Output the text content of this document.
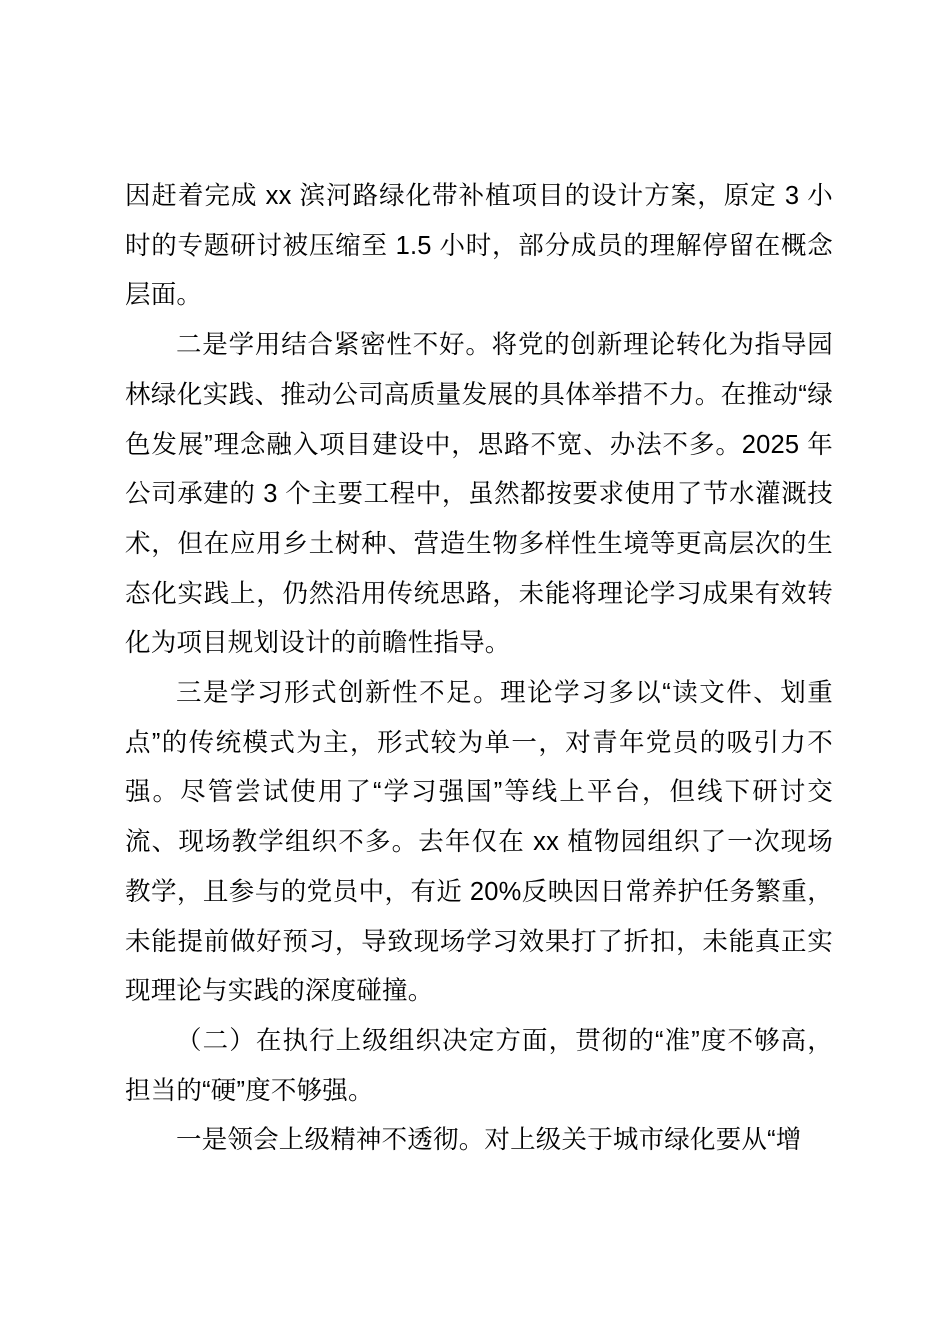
因赶着完成 xx 滨河路绿化带补植项目的设计方案，原定 3 小时的专题研讨被压缩至 1.5 小时，部分成员的理解停留在概念层面。

二是学用结合紧密性不好。将党的创新理论转化为指导园林绿化实践、推动公司高质量发展的具体举措不力。在推动“绿色发展”理念融入项目建设中，思路不宽、办法不多。2025 年公司承建的 3 个主要工程中，虽然都按要求使用了节水灌溉技术，但在应用乡土树种、营造生物多样性生境等更高层次的生态化实践上，仍然沿用传统思路，未能将理论学习成果有效转化为项目规划设计的前瞻性指导。

三是学习形式创新性不足。理论学习多以“读文件、划重点”的传统模式为主，形式较为单一，对青年党员的吸引力不强。尽管尝试使用了“学习强国”等线上平台，但线下研讨交流、现场教学组织不多。去年仅在 xx 植物园组织了一次现场教学，且参与的党员中，有近 20%反映因日常养护任务繁重，未能提前做好预习，导致现场学习效果打了折扣，未能真正实现理论与实践的深度碰撞。

（二）在执行上级组织决定方面，贯彻的“准”度不够高，担当的“硬”度不够强。

一是领会上级精神不透彻。对上级关于城市绿化要从“增
